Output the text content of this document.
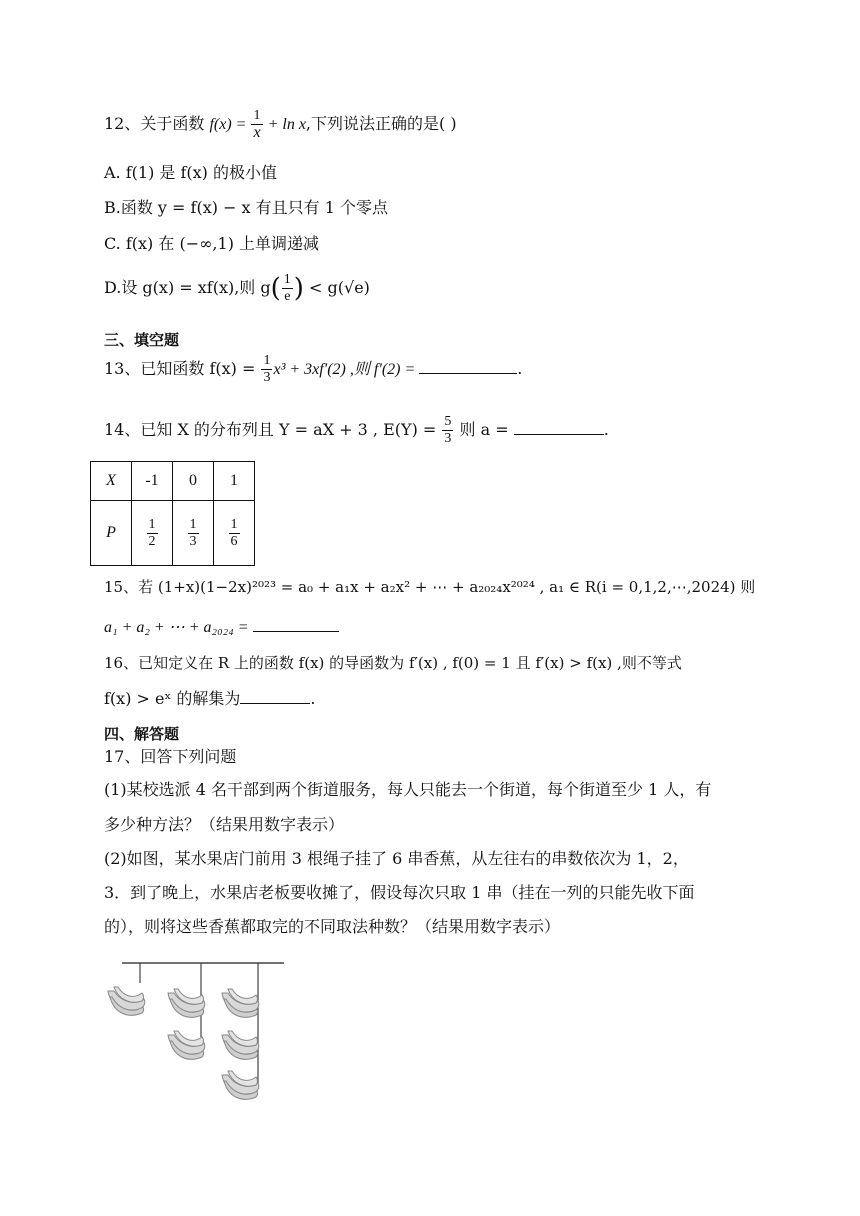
12、关于函数 $f(x) = \frac{1}{x} + \ln x$,下列说法正确的是( )
A. f(1) 是 f(x) 的极小值
B.函数 y = f(x) − x 有且只有 1 个零点
C. f(x) 在 (−∞,1) 上单调递减
D.设 g(x) = xf(x),则 $g( \frac{1}{e}$ ) < g(√e)
三、填空题
13、已知函数 $f(x) = \frac{1}{3} x^3 + 3xf'(2)$ ,则 f′(2) =	.
14、已知 X 的分布列且 Y = aX + 3 , $E(Y) = \frac{5}{3}$ 则 a =	.
X	-1	0	1
P	$\frac{1}{2}$	$\frac{1}{3}$	$\frac{1}{6}$
15、若 (1+x)(1−2x)²⁰²³ = a₀ + a₁x + a₂x² + ⋯ + a₂₀₂₄x²⁰²⁴ , a₁ ∈ R(i = 0,1,2,⋯,2024) 则
a₁ + a₂ + ⋯ + a₂₀₂₄ =
16、已知定义在 R 上的函数 f(x) 的导函数为 f′(x) , f(0) = 1 且 f′(x) > f(x) ,则不等式
f(x) > eˣ 的解集为	.
四、解答题
17、回答下列问题
(1)某校选派 4 名干部到两个街道服务，每人只能去一个街道，每个街道至少 1 人，有
多少种方法？（结果用数字表示）
(2)如图，某水果店门前用 3 根绳子挂了 6 串香蕉，从左往右的串数依次为 1，2，
3．到了晚上，水果店老板要收摊了，假设每次只取 1 串（挂在一列的只能先收下面
的），则将这些香蕉都取完的不同取法种数？（结果用数字表示）
